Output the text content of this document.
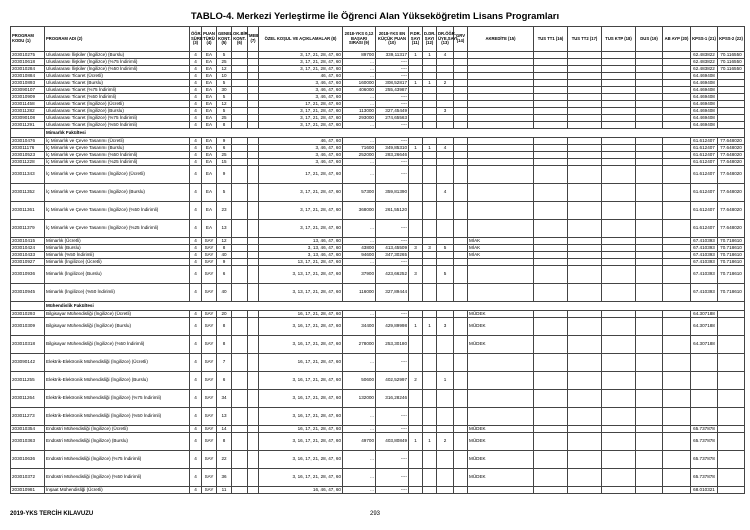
TABLO-4. Merkezi Yerleştirme İle Öğrenci Alan Yükseköğretim Lisans Programları
PROGRAM KODU (1)	PROGRAM ADI (2)	ÖĞR. SÜRE (3)	PUAN TÜRÜ (4)	GENEL KONT. (5)	OK.BİR. KONT. (6)	MEB (7)	ÖZEL KOŞUL VE AÇIKLAMALAR (8)	2018-YKS 0,12 BAŞARI SIRASI (9)	2018-YKS EN KÜÇÜK PUAN (10)	P.DR. SAYI (11)	D.DR. SAYI (12)	DR.ÖĞR. ÜYE.SAYI (13)	GRV (14)	AKREDİTE (15)	TUS TT1 (16)	TUS TT2 (17)	TUS KTP (18)	DUS (19)	AB AYP (20)	KPSS-1 (21)	KPSS-2 (22)
203010275	Uluslararası İlişkiler (İngilizce) (Burslu)	4	EA	5			3, 17, 21, 28, 47, 60	89700	339,11317	1	1	4								62.483822	70.116550
203010618	Uluslararası İlişkiler (İngilizce) (%75 İndirimli)	4	EA	25			3, 17, 21, 28, 47, 60	...	----											62.483822	70.116550
203010284	Uluslararası İlişkiler (İngilizce) (%50 İndirimli)	4	EA	12			3, 17, 21, 28, 47, 60	...	----											62.483822	70.116550
203010884	Uluslararası Ticaret (Ücretli)	4	EA	10			46, 47, 60	...	----											64.469408	
203010893	Uluslararası Ticaret (Burslu)	4	EA	5			3, 46, 47, 60	160000	308,52817	1	1	2								64.469408	
203090107	Uluslararası Ticaret (%75 İndirimli)	4	EA	30			3, 46, 47, 60	406000	255,43987											64.469408	
203010909	Uluslararası Ticaret (%50 İndirimli)	4	EA	5			3, 46, 47, 60	...	----											64.469408	
203011458	Uluslararası Ticaret (İngilizce) (Ücretli)	4	EA	12			17, 21, 28, 47, 60	...	----											64.469408	
203011282	Uluslararası Ticaret (İngilizce) (Burslu)	4	EA	5			3, 17, 21, 28, 47, 60	113000	327,45449			3								64.469408	
203090108	Uluslararası Ticaret (İngilizce) (%75 İndirimli)	4	EA	25			3, 17, 21, 28, 47, 60	293000	274,65563											64.469408	
203011291	Uluslararası Ticaret (İngilizce) (%50 İndirimli)	4	EA	8			3, 17, 21, 28, 47, 60	...	----											64.469408	
	Mimarlık Fakültesi																				
203010476	İç Mimarlık ve Çevre Tasarımı (Ücretli)	4	EA	9			46, 47, 60	...	----											61.612407	77.648020
203011176	İç Mimarlık ve Çevre Tasarımı (Burslu)	4	EA	6			3, 46, 47, 60	71600	349,85310	1	1	4								61.612407	77.648020
203010523	İç Mimarlık ve Çevre Tasarımı (%50 İndirimli)	4	EA	25			3, 46, 47, 60	252000	283,26646											61.612407	77.648020
203011228	İç Mimarlık ve Çevre Tasarımı (%25 İndirimli)	4	EA	15			3, 46, 47, 60	...	----											61.612407	77.648020
203011343	İç Mimarlık ve Çevre Tasarımı (İngilizce) (Ücretli)	4	EA	9			17, 21, 28, 47, 60	...	----											61.612407	77.648020
203011352	İç Mimarlık ve Çevre Tasarımı (İngilizce) (Burslu)	4	EA	5			3, 17, 21, 28, 47, 60	57300	359,81390			4								61.612407	77.648020
203011361	İç Mimarlık ve Çevre Tasarımı (İngilizce) (%50 İndirimli)	4	EA	23			3, 17, 21, 28, 47, 60	368000	261,55120											61.612407	77.648020
203011379	İç Mimarlık ve Çevre Tasarımı (İngilizce) (%25 İndirimli)	4	EA	13			3, 17, 21, 28, 47, 60	...	----											61.612407	77.648020
203010415	Mimarlık (Ücretli)	4	SAY	12			13, 46, 47, 60	...	----					MİAK						67.410393	70.718610
203010424	Mimarlık (Burslu)	4	SAY	8			3, 13, 46, 47, 60	43800	413,45509	3	3	5		MİAK						67.410393	70.718610
203010433	Mimarlık (%50 İndirimli)	4	SAY	40			3, 13, 46, 47, 60	94600	347,30265					MİAK						67.410393	70.718610
203010927	Mimarlık (İngilizce) (Ücretli)	4	SAY	9			13, 17, 21, 28, 47, 60	...	----											67.410393	70.718610
203010936	Mimarlık (İngilizce) (Burslu)	4	SAY	6			3, 13, 17, 21, 28, 47, 60	37900	423,66252	3		5								67.410393	70.718610
203010945	Mimarlık (İngilizce) (%50 İndirimli)	4	SAY	40			3, 13, 17, 21, 28, 47, 60	116000	327,89444											67.410393	70.718610
	Mühendislik Fakültesi																				
203010293	Bilgisayar Mühendisliği (İngilizce) (Ücretli)	4	SAY	20			16, 17, 21, 28, 47, 60	...	----					MÜDEK						64.307188	
203010309	Bilgisayar Mühendisliği (İngilizce) (Burslu)	4	SAY	8			3, 16, 17, 21, 28, 47, 60	34400	429,89998	1	1	3		MÜDEK						64.307188	
203010318	Bilgisayar Mühendisliği (İngilizce) (%50 İndirimli)	4	SAY	8			3, 16, 17, 21, 28, 47, 60	278000	253,30180					MÜDEK						64.307188	
203090142	Elektrik-Elektronik Mühendisliği (İngilizce) (Ücretli)	4	SAY	7			16, 17, 21, 28, 47, 60	...	----												
203011255	Elektrik-Elektronik Mühendisliği (İngilizce) (Burslu)	4	SAY	6			3, 16, 17, 21, 28, 47, 60	50600	402,52997	2		1									
203011264	Elektrik-Elektronik Mühendisliği (İngilizce) (%75 İndirimli)	4	SAY	34			3, 16, 17, 21, 28, 47, 60	132000	316,28246												
203011273	Elektrik-Elektronik Mühendisliği (İngilizce) (%50 İndirimli)	4	SAY	13			3, 16, 17, 21, 28, 47, 60	...	----												
203010354	Endüstri Mühendisliği (İngilizce) (Ücretli)	4	SAY	14			16, 17, 21, 28, 47, 60	...	----					MÜDEK						65.737878	
203010363	Endüstri Mühendisliği (İngilizce) (Burslu)	4	SAY	8			3, 16, 17, 21, 28, 47, 60	49700	403,80849	1	1	2		MÜDEK						65.737878	
203010636	Endüstri Mühendisliği (İngilizce) (%75 İndirimli)	4	SAY	22			3, 16, 17, 21, 28, 47, 60	...	----					MÜDEK						65.737878	
203010372	Endüstri Mühendisliği (İngilizce) (%50 İndirimli)	4	SAY	36			3, 16, 17, 21, 28, 47, 60	...	----					MÜDEK						65.737878	
203010981	İnşaat Mühendisliği (Ücretli)	4	SAY	11			16, 46, 47, 60	...	----											68.010321	
2019-YKS TERCİH KILAVUZU	293
